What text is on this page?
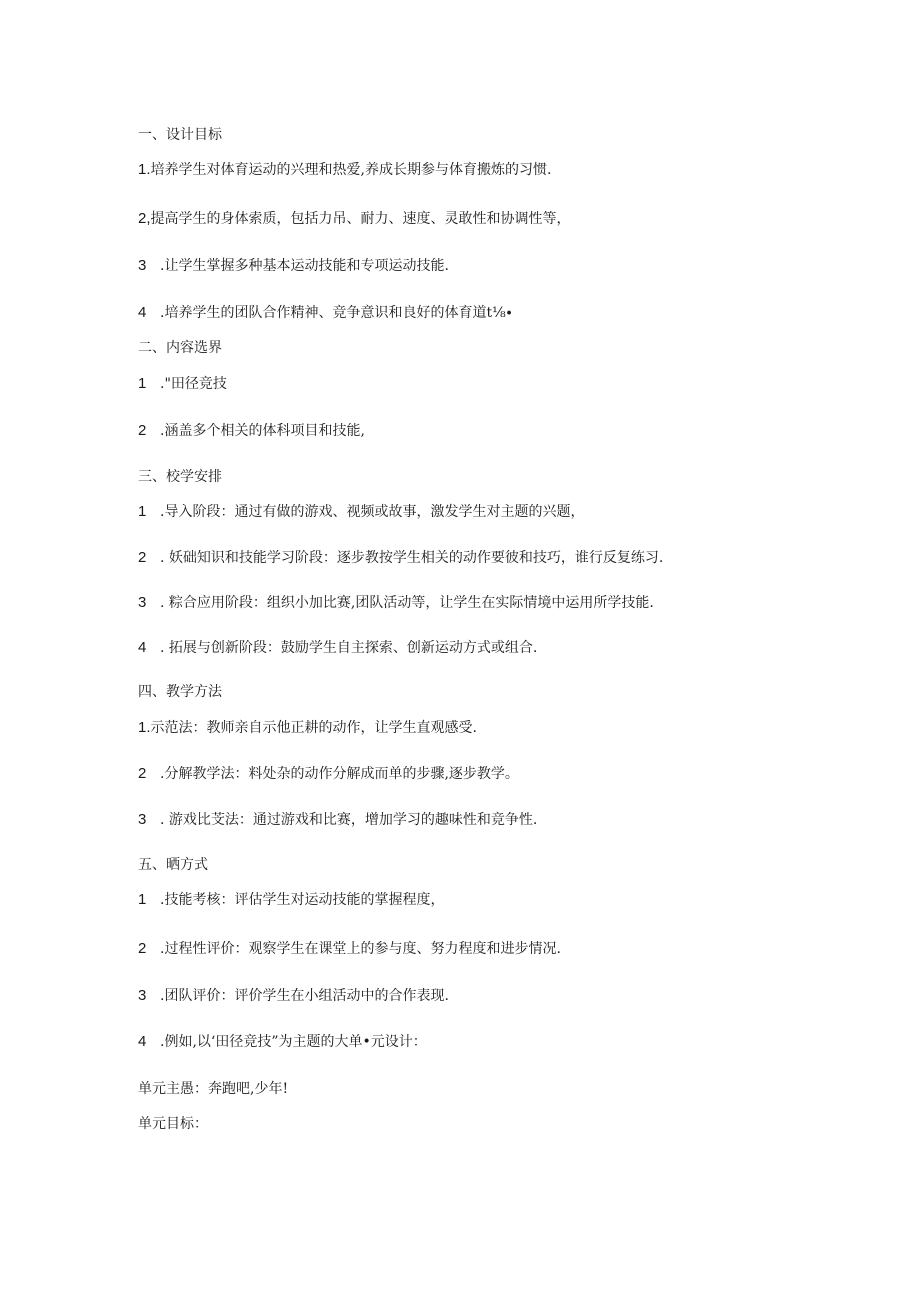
一、设计目标
1.培养学生对体育运动的兴理和热爱,养成长期参与体育搬炼的习惯.
2,提高学生的身体索质，包括力吊、耐力、速度、灵敢性和协调性等，
3 .让学生掌握多种基本运动技能和专项运动技能.
4 .培养学生的团队合作精神、竞争意识和良好的体育道t⅛∙
二、内容选界
1 ."田径竞技
2 .涵盖多个相关的体科项目和技能,
三、校学安排
1 .导入阶段：通过有做的游戏、视频或故事，激发学生对主题的兴题，
2 . 妖础知识和技能学习阶段：逐步教按学生相关的动作要彼和技巧，谁行反复练习.
3 . 粽合应用阶段：组织小加比赛,团队活动等，让学生在实际情境中运用所学技能.
4 . 拓展与创新阶段：鼓励学生自主探索、创新运动方式或组合.
四、教学方法
1.示范法：教师亲自示他正耕的动作，让学生直观感受.
2 .分解教学法：料处杂的动作分解成而单的步骤,逐步教学。
3 . 游戏比芠法：通过游戏和比赛，增加学习的趣味性和竞争性.
五、晒方式
1 .技能考核：评估学生对运动技能的掌握程度，
2 .过程性评价：观察学生在课堂上的参与度、努力程度和进步情况.
3 .团队评价：评价学生在小组活动中的合作表现.
4 .例如,以‘田径竞技”为主题的大单•元设计：
单元主愚：奔跑吧,少年!
单元目标：
